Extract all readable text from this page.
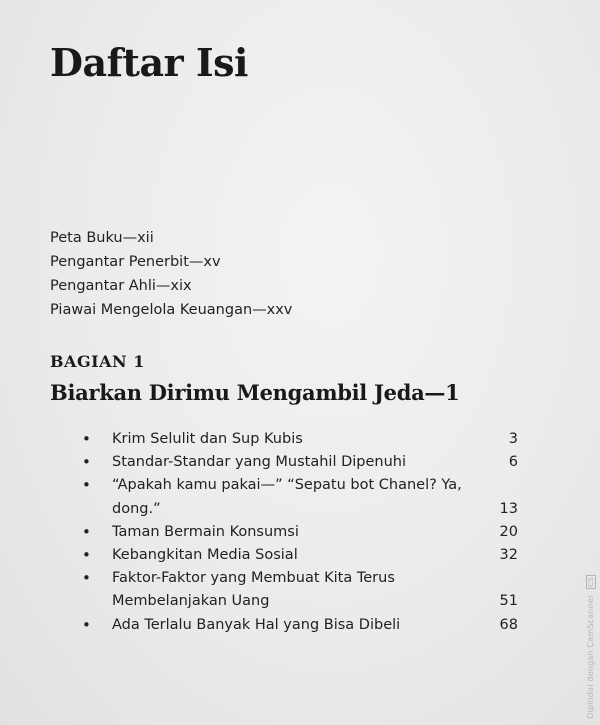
Daftar Isi
Peta Buku—xii
Pengantar Penerbit—xv
Pengantar Ahli—xix
Piawai Mengelola Keuangan—xxv
BAGIAN 1
Biarkan Dirimu Mengambil Jeda—1
• Krim Selulit dan Sup Kubis	3
• Standar-Standar yang Mustahil Dipenuhi	6
• “Apakah kamu pakai—” “Sepatu bot Chanel? Ya, dong.”	13
• Taman Bermain Konsumsi	20
• Kebangkitan Media Sosial	32
• Faktor-Faktor yang Membuat Kita Terus Membelanjakan Uang	51
• Ada Terlalu Banyak Hal yang Bisa Dibeli	68	Dipindai dengan CamScanner CS
